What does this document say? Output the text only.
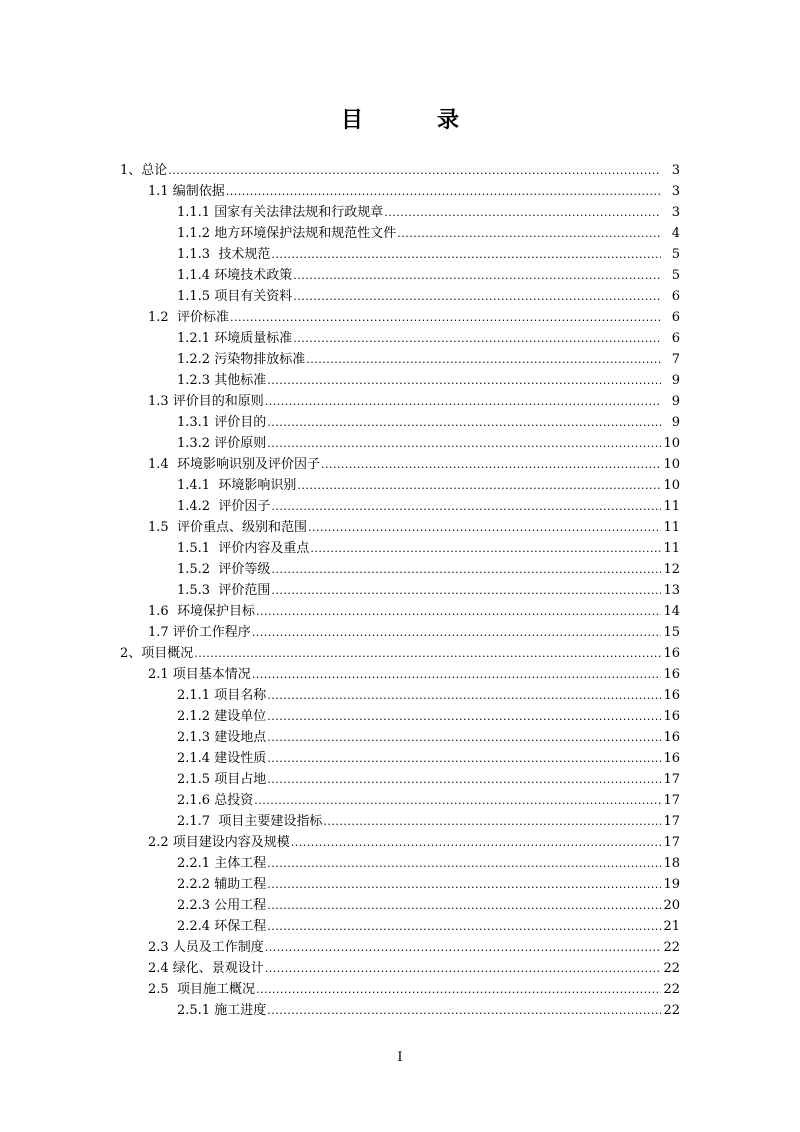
目　录
1、总论 .....	3
1.1 编制依据 .....	3
1.1.1 国家有关法律法规和行政规章 .....	3
1.1.2 地方环境保护法规和规范性文件 .....	4
1.1.3  技术规范 .....	5
1.1.4 环境技术政策 .....	5
1.1.5 项目有关资料 .....	6
1.2  评价标准 .....	6
1.2.1 环境质量标准 .....	6
1.2.2 污染物排放标准 .....	7
1.2.3 其他标准 .....	9
1.3 评价目的和原则 .....	9
1.3.1 评价目的 .....	9
1.3.2 评价原则 .....	10
1.4  环境影响识别及评价因子 .....	10
1.4.1  环境影响识别 .....	10
1.4.2  评价因子 .....	11
1.5  评价重点、级别和范围 .....	11
1.5.1  评价内容及重点 .....	11
1.5.2  评价等级 .....	12
1.5.3  评价范围 .....	13
1.6  环境保护目标 .....	14
1.7 评价工作程序 .....	15
2、项目概况 .....	16
2.1 项目基本情况 .....	16
2.1.1 项目名称 .....	16
2.1.2 建设单位 .....	16
2.1.3 建设地点 .....	16
2.1.4 建设性质 .....	16
2.1.5 项目占地 .....	17
2.1.6 总投资 .....	17
2.1.7  项目主要建设指标 .....	17
2.2 项目建设内容及规模 .....	17
2.2.1 主体工程 .....	18
2.2.2 辅助工程 .....	19
2.2.3 公用工程 .....	20
2.2.4 环保工程 .....	21
2.3 人员及工作制度 .....	22
2.4 绿化、景观设计 .....	22
2.5  项目施工概况 .....	22
2.5.1 施工进度 .....	22
I
